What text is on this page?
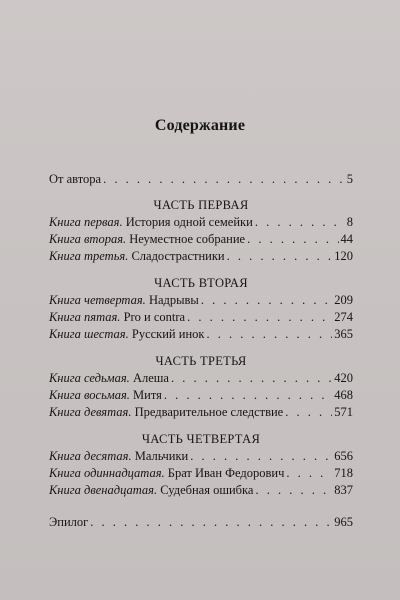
Содержание
От автора . . .	5
ЧАСТЬ ПЕРВАЯ
Книга первая. История одной семейки . . .	8
Книга вторая. Неуместное собрание . . .	44
Книга третья. Сладострастники . . .	120
ЧАСТЬ ВТОРАЯ
Книга четвертая. Надрывы . . .	209
Книга пятая. Pro и contra . . .	274
Книга шестая. Русский инок . . .	365
ЧАСТЬ ТРЕТЬЯ
Книга седьмая. Алеша . . .	420
Книга восьмая. Митя . . .	468
Книга девятая. Предварительное следствие . . .	571
ЧАСТЬ ЧЕТВЕРТАЯ
Книга десятая. Мальчики . . .	656
Книга одиннадцатая. Брат Иван Федорович . . .	718
Книга двенадцатая. Судебная ошибка . . .	837
Эпилог . . .	965
